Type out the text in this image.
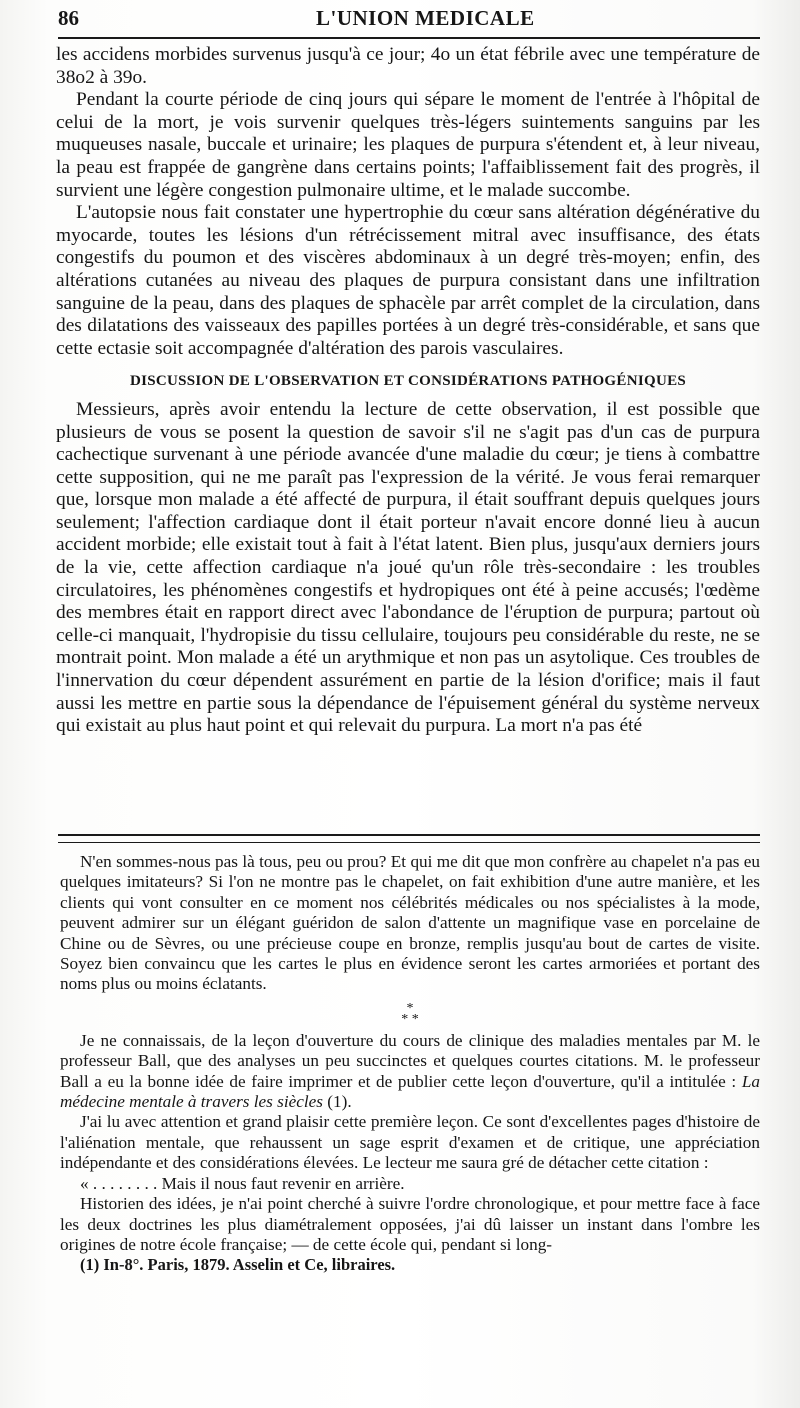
86	L'UNION MEDICALE

les accidens morbides survenus jusqu'à ce jour; 4o un état fébrile avec une température de 38o2 à 39o.

Pendant la courte période de cinq jours qui sépare le moment de l'entrée à l'hôpital de celui de la mort, je vois survenir quelques très-légers suintements sanguins par les muqueuses nasale, buccale et urinaire; les plaques de purpura s'étendent et, à leur niveau, la peau est frappée de gangrène dans certains points; l'affaiblissement fait des progrès, il survient une légère congestion pulmonaire ultime, et le malade succombe.

L'autopsie nous fait constater une hypertrophie du cœur sans altération dégénérative du myocarde, toutes les lésions d'un rétrécissement mitral avec insuffisance, des états congestifs du poumon et des viscères abdominaux à un degré très-moyen; enfin, des altérations cutanées au niveau des plaques de purpura consistant dans une infiltration sanguine de la peau, dans des plaques de sphacèle par arrêt complet de la circulation, dans des dilatations des vaisseaux des papilles portées à un degré très-considérable, et sans que cette ectasie soit accompagnée d'altération des parois vasculaires.

DISCUSSION DE L'OBSERVATION ET CONSIDÉRATIONS PATHOGÉNIQUES

Messieurs, après avoir entendu la lecture de cette observation, il est possible que plusieurs de vous se posent la question de savoir s'il ne s'agit pas d'un cas de purpura cachectique survenant à une période avancée d'une maladie du cœur; je tiens à combattre cette supposition, qui ne me paraît pas l'expression de la vérité. Je vous ferai remarquer que, lorsque mon malade a été affecté de purpura, il était souffrant depuis quelques jours seulement; l'affection cardiaque dont il était porteur n'avait encore donné lieu à aucun accident morbide; elle existait tout à fait à l'état latent. Bien plus, jusqu'aux derniers jours de la vie, cette affection cardiaque n'a joué qu'un rôle très-secondaire : les troubles circulatoires, les phénomènes congestifs et hydropiques ont été à peine accusés; l'œdème des membres était en rapport direct avec l'abondance de l'éruption de purpura; partout où celle-ci manquait, l'hydropisie du tissu cellulaire, toujours peu considérable du reste, ne se montrait point. Mon malade a été un arythmique et non pas un asytolique. Ces troubles de l'innervation du cœur dépendent assurément en partie de la lésion d'orifice; mais il faut aussi les mettre en partie sous la dépendance de l'épuisement général du système nerveux qui existait au plus haut point et qui relevait du purpura. La mort n'a pas été

N'en sommes-nous pas là tous, peu ou prou? Et qui me dit que mon confrère au chapelet n'a pas eu quelques imitateurs? Si l'on ne montre pas le chapelet, on fait exhibition d'une autre manière, et les clients qui vont consulter en ce moment nos célébrités médicales ou nos spécialistes à la mode, peuvent admirer sur un élégant guéridon de salon d'attente un magnifique vase en porcelaine de Chine ou de Sèvres, ou une précieuse coupe en bronze, remplis jusqu'au bout de cartes de visite. Soyez bien convaincu que les cartes le plus en évidence seront les cartes armoriées et portant des noms plus ou moins éclatants.

*
* *

Je ne connaissais, de la leçon d'ouverture du cours de clinique des maladies mentales par M. le professeur Ball, que des analyses un peu succinctes et quelques courtes citations. M. le professeur Ball a eu la bonne idée de faire imprimer et de publier cette leçon d'ouverture, qu'il a intitulée : La médecine mentale à travers les siècles (1).

J'ai lu avec attention et grand plaisir cette première leçon. Ce sont d'excellentes pages d'histoire de l'aliénation mentale, que rehaussent un sage esprit d'examen et de critique, une appréciation indépendante et des considérations élevées. Le lecteur me saura gré de détacher cette citation :

« . . . . . . . . Mais il nous faut revenir en arrière.

Historien des idées, je n'ai point cherché à suivre l'ordre chronologique, et pour mettre face à face les deux doctrines les plus diamétralement opposées, j'ai dû laisser un instant dans l'ombre les origines de notre école française; — de cette école qui, pendant si long-

(1) In-8°. Paris, 1879. Asselin et Ce, libraires.
